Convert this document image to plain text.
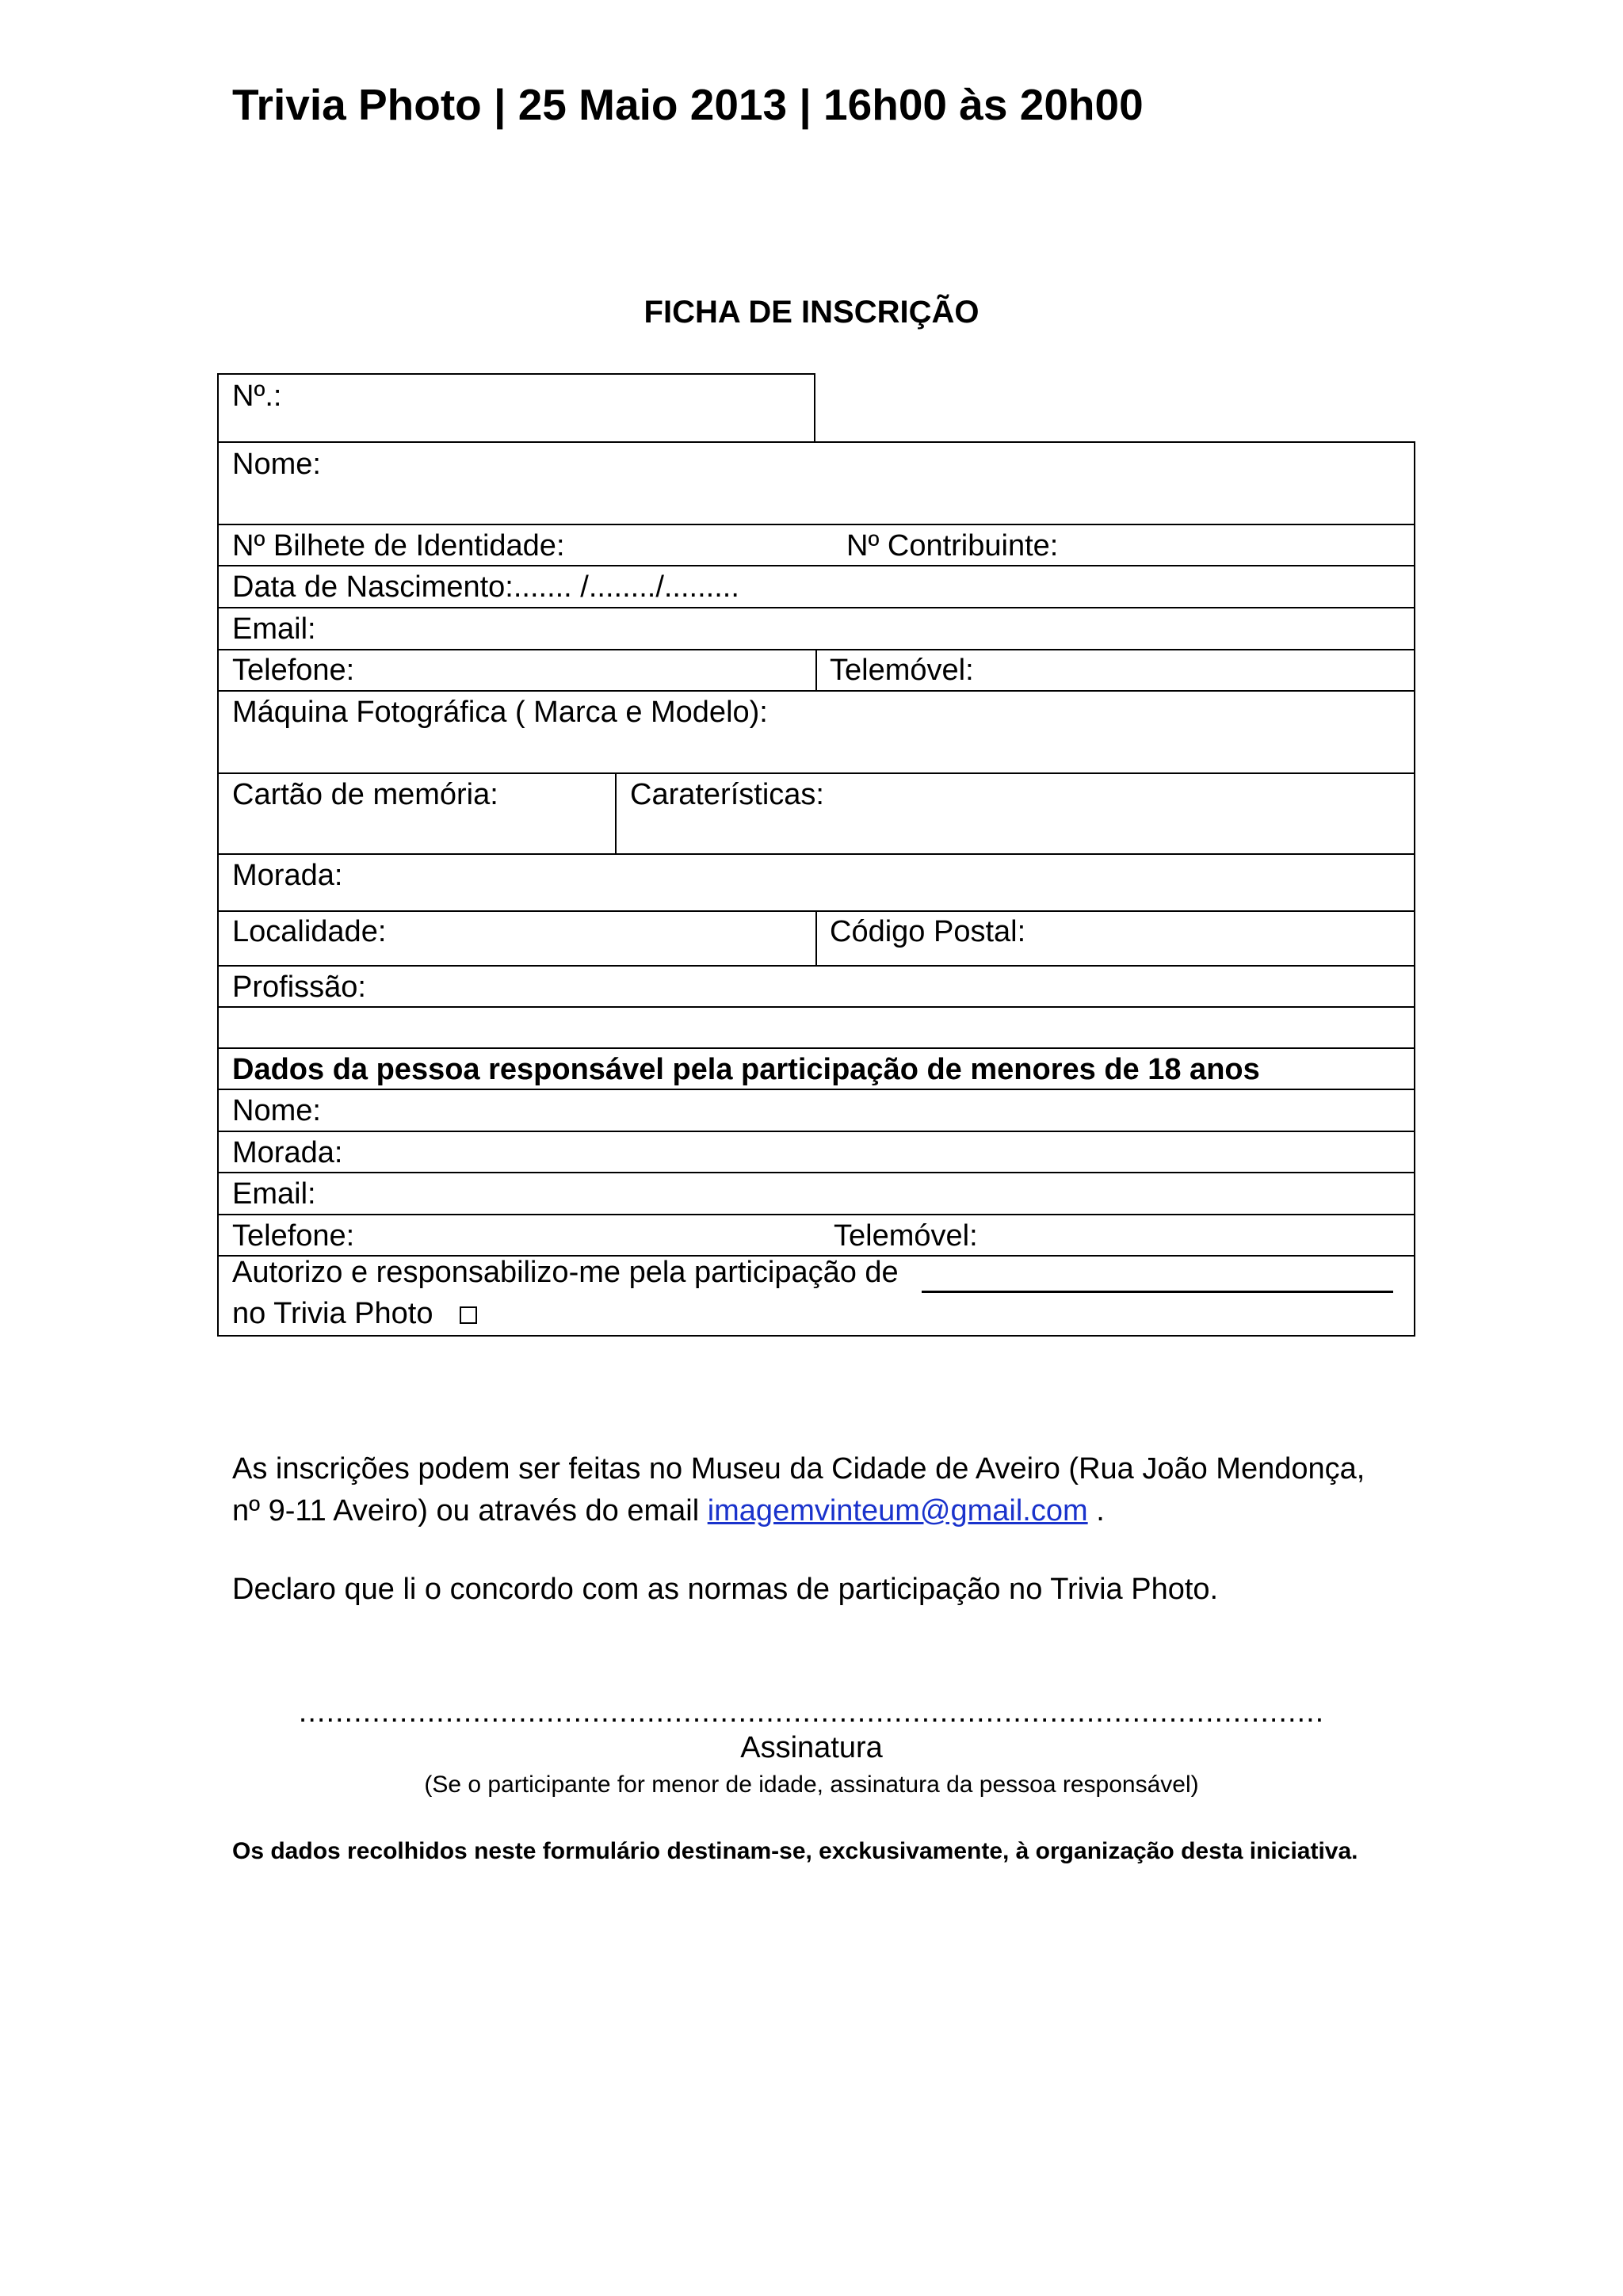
Trivia Photo | 25 Maio 2013 | 16h00 às 20h00
FICHA DE INSCRIÇÃO
Nº.:
Nome:
Nº Bilhete de Identidade:	Nº Contribuinte:
Data de Nascimento:....... /......../.........
Email:
Telefone:	Telemóvel:
Máquina Fotográfica ( Marca e Modelo):
Cartão de memória:	Caraterísticas:
Morada:
Localidade:	Código Postal:
Profissão:
Dados da pessoa responsável pela participação de menores de 18 anos
Nome:
Morada:
Email:
Telefone:	Telemóvel:
Autorizo e responsabilizo-me pela participação de
no Trivia Photo
As inscrições podem ser feitas no Museu da Cidade de Aveiro (Rua João Mendonça, nº 9-11 Aveiro) ou através do email imagemvinteum@gmail.com .
Declaro que li o concordo com as normas de participação no Trivia Photo.
................................................................................................................
Assinatura
(Se o participante for menor de idade, assinatura da pessoa responsável)
Os dados recolhidos neste formulário destinam-se, exckusivamente, à organização desta iniciativa.
